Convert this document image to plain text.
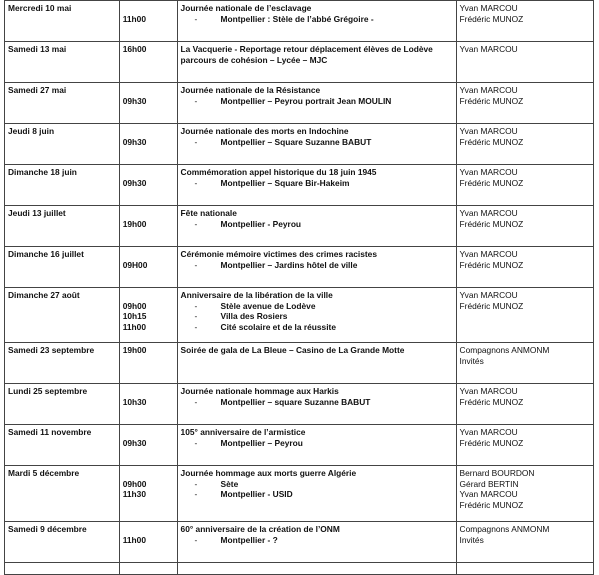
Mercredi 10 mai	11h00	Journée nationale de l’esclavage
- Montpellier : Stèle de l’abbé Grégoire -	Yvan MARCOU
Frédéric MUNOZ

Samedi 13 mai	16h00	La Vacquerie - Reportage retour déplacement élèves de Lodève
parcours de cohésion – Lycée – MJC	Yvan MARCOU

Samedi 27 mai	09h30	Journée nationale de la Résistance
- Montpellier – Peyrou portrait Jean MOULIN	Yvan MARCOU
Frédéric MUNOZ

Jeudi 8 juin	09h30	Journée nationale des morts en Indochine
- Montpellier – Square Suzanne BABUT	Yvan MARCOU
Frédéric MUNOZ

Dimanche 18 juin	09h30	Commémoration appel historique du 18 juin 1945
- Montpellier – Square Bir-Hakeim	Yvan MARCOU
Frédéric MUNOZ

Jeudi 13 juillet	19h00	Fête nationale
- Montpellier - Peyrou	Yvan MARCOU
Frédéric MUNOZ

Dimanche 16 juillet	09H00	Cérémonie mémoire victimes des crimes racistes
- Montpellier – Jardins hôtel de ville	Yvan MARCOU
Frédéric MUNOZ

Dimanche 27 août	09h00
10h15
11h00	Anniversaire de la libération de la ville
- Stèle avenue de Lodève
- Villa des Rosiers
- Cité scolaire et de la réussite	Yvan MARCOU
Frédéric MUNOZ

Samedi 23 septembre	19h00	Soirée de gala de La Bleue – Casino de La Grande Motte	Compagnons ANMONM
Invités

Lundi 25 septembre	10h30	Journée nationale hommage aux Harkis
- Montpellier – square Suzanne BABUT	Yvan MARCOU
Frédéric MUNOZ

Samedi 11 novembre	09h30	105° anniversaire de l’armistice
- Montpellier – Peyrou	Yvan MARCOU
Frédéric MUNOZ

Mardi 5 décembre	09h00
11h30	Journée hommage aux morts guerre Algérie
- Sète
- Montpellier - USID	Bernard BOURDON
Gérard BERTIN
Yvan MARCOU
Frédéric MUNOZ

Samedi 9 décembre	11h00	60° anniversaire de la création de l’ONM
- Montpellier - ?	Compagnons ANMONM
Invités
